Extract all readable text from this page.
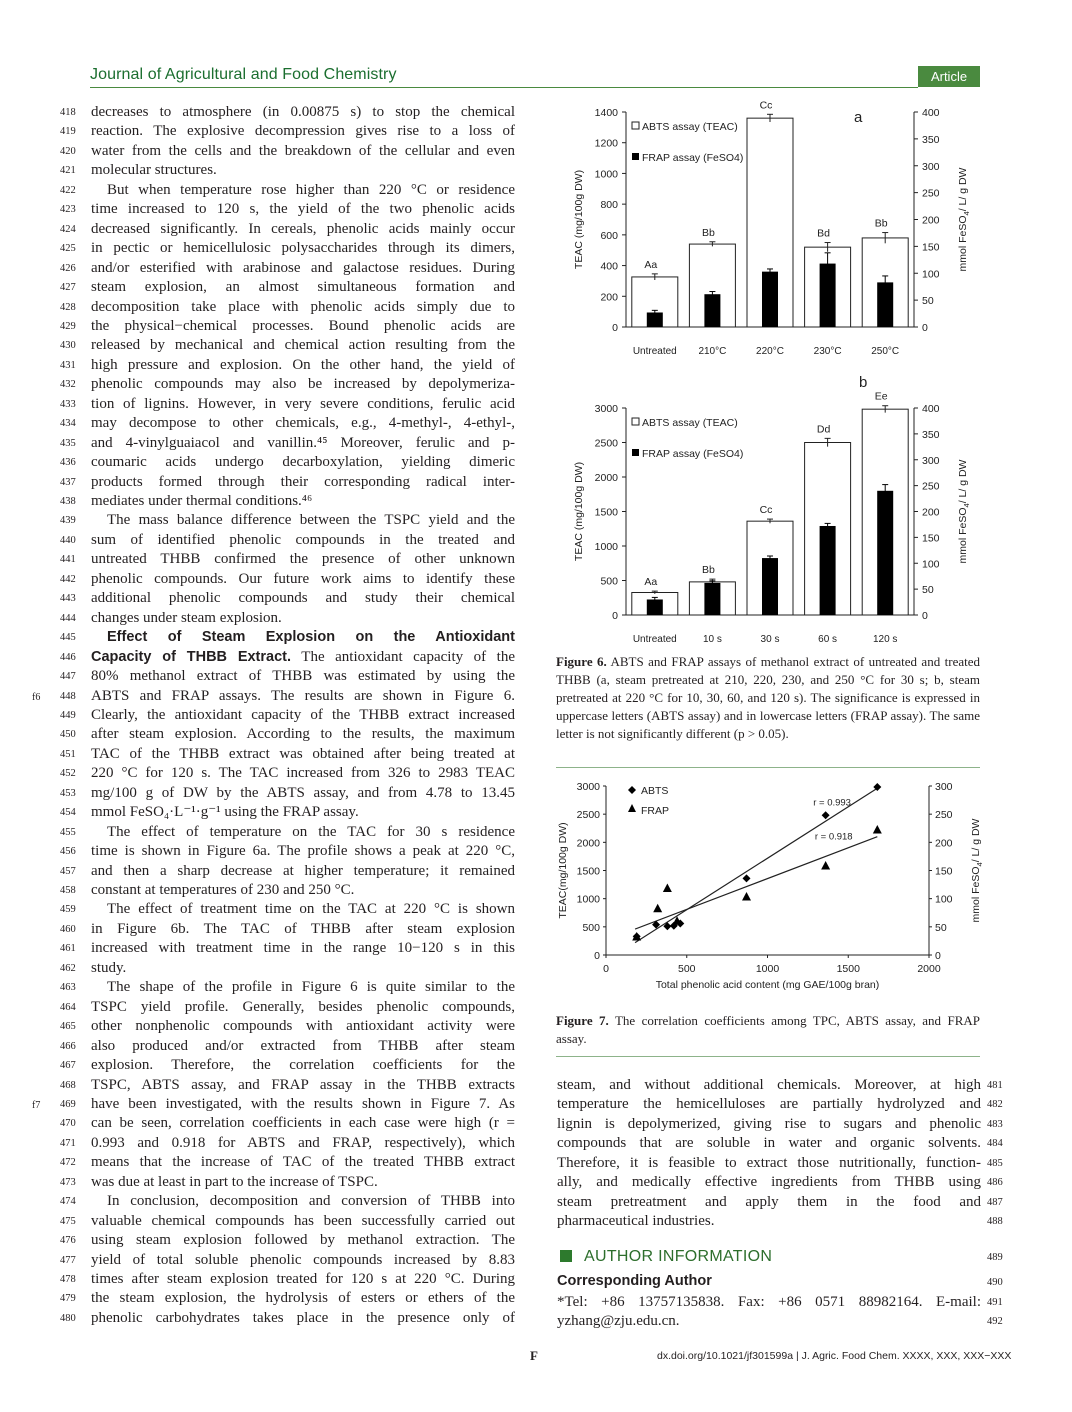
Journal of Agricultural and Food Chemistry	Article
418 decreases to atmosphere (in 0.00875 s) to stop the chemical
419 reaction. The explosive decompression gives rise to a loss of
420 water from the cells and the breakdown of the cellular and even
421 molecular structures.
422 But when temperature rose higher than 220 °C or residence
423 time increased to 120 s, the yield of the two phenolic acids
424 decreased significantly. In cereals, phenolic acids mainly occur
425 in pectic or hemicellulosic polysaccharides through its dimers,
426 and/or esterified with arabinose and galactose residues. During
427 steam explosion, an almost simultaneous formation and
428 decomposition take place with phenolic acids simply due to
429 the physical−chemical processes. Bound phenolic acids are
430 released by mechanical and chemical action resulting from the
431 high pressure and explosion. On the other hand, the yield of
432 phenolic compounds may also be increased by depolymeriza-
433 tion of lignins. However, in very severe conditions, ferulic acid
434 may decompose to other chemicals, e.g., 4-methyl-, 4-ethyl-,
435 and 4-vinylguaiacol and vanillin.⁴⁵ Moreover, ferulic and p-
436 coumaric acids undergo decarboxylation, yielding dimeric
437 products formed through their corresponding radical inter-
438 mediates under thermal conditions.⁴⁶
439 The mass balance difference between the TSPC yield and the
440 sum of identified phenolic compounds in the treated and
441 untreated THBB confirmed the presence of other unknown
442 phenolic compounds. Our future work aims to identify these
443 additional phenolic compounds and study their chemical
444 changes under steam explosion.
445 Effect of Steam Explosion on the Antioxidant
446 Capacity of THBB Extract. The antioxidant capacity of the
447 80% methanol extract of THBB was estimated by using the
448 ABTS and FRAP assays. The results are shown in Figure 6.
449 Clearly, the antioxidant capacity of the THBB extract increased
450 after steam explosion. According to the results, the maximum
451 TAC of the THBB extract was obtained after being treated at
452 220 °C for 120 s. The TAC increased from 326 to 2983 TEAC
453 mg/100 g of DW by the ABTS assay, and from 4.78 to 13.45
454 mmol FeSO₄·L⁻¹·g⁻¹ using the FRAP assay.
455 The effect of temperature on the TAC for 30 s residence
456 time is shown in Figure 6a. The profile shows a peak at 220 °C,
457 and then a sharp decrease at higher temperature; it remained
458 constant at temperatures of 230 and 250 °C.
459 The effect of treatment time on the TAC at 220 °C is shown
460 in Figure 6b. The TAC of THBB after steam explosion
461 increased with treatment time in the range 10−120 s in this
462 study.
463 The shape of the profile in Figure 6 is quite similar to the
464 TSPC yield profile. Generally, besides phenolic compounds,
465 other nonphenolic compounds with antioxidant activity were
466 also produced and/or extracted from THBB after steam
467 explosion. Therefore, the correlation coefficients for the
468 TSPC, ABTS assay, and FRAP assay in the THBB extracts
469 have been investigated, with the results shown in Figure 7. As
470 can be seen, correlation coefficients in each case were high (r =
471 0.993 and 0.918 for ABTS and FRAP, respectively), which
472 means that the increase of TAC of the treated THBB extract
473 was due at least in part to the increase of TSPC.
474 In conclusion, decomposition and conversion of THBB into
475 valuable chemical compounds has been successfully carried out
476 using steam explosion followed by methanol extraction. The
477 yield of total soluble phenolic compounds increased by 8.83
478 times after steam explosion treated for 120 s at 220 °C. During
479 the steam explosion, the hydrolysis of esters or ethers of the
480 phenolic carbohydrates takes place in the presence only of
f6
f7
0
200
400
600
800
1000
1200
1400
0
50
100
150
200
250
300
350
400
TEAC (mg/100g DW)	mmol FeSO$_4$/ L/ g DW
Aa
Untreated
Bb
210°C
Cc
220°C
Bd
230°C
Bb
250°C
ABTS assay (TEAC)
FRAP assay (FeSO4)
a
0
500
1000
1500
2000
2500
3000
0
50
100
150
200
250
300
350
400
TEAC (mg/100g DW)	mmol FeSO$_4$/ L/ g DW
Aa
Untreated
Bb
10 s
Cc
30 s
Dd
60 s
Ee
120 s
ABTS assay (TEAC)
FRAP assay (FeSO4)
b
Figure 6. ABTS and FRAP assays of methanol extract of untreated and treated THBB (a, steam pretreated at 210, 220, 230, and 250 °C for 30 s; b, steam pretreated at 220 °C for 10, 30, 60, and 120 s). The significance is expressed in uppercase letters (ABTS assay) and in lowercase letters (FRAP assay). The same letter is not significantly different (p > 0.05).
0
500
1000
1500
2000
2500
3000
0
50
100
150
200
250
300
0	500	1000	1500	2000
Total phenolic acid content (mg GAE/100g bran)
TEAC(mg/100g DW)	mmol FeSO$_4$/ L/ g DW
r = 0.993
r = 0.918
ABTS
FRAP
Figure 7. The correlation coefficients among TPC, ABTS assay, and FRAP assay.
481
steam, and without additional chemicals. Moreover, at high
482
temperature the hemicelluloses are partially hydrolyzed and
483
lignin is depolymerized, giving rise to sugars and phenolic
484
compounds that are soluble in water and organic solvents.
485
Therefore, it is feasible to extract those nutritionally, function-
486
ally, and medically effective ingredients from THBB using
487
steam pretreatment and apply them in the food and
488
pharmaceutical industries.
AUTHOR INFORMATION	489
Corresponding Author	490
*Tel: +86 13757135838. Fax: +86 0571 88982164. E-mail: 491
yzhang@zju.edu.cn.	492
F	dx.doi.org/10.1021/jf301599a | J. Agric. Food Chem. XXXX, XXX, XXX−XXX
